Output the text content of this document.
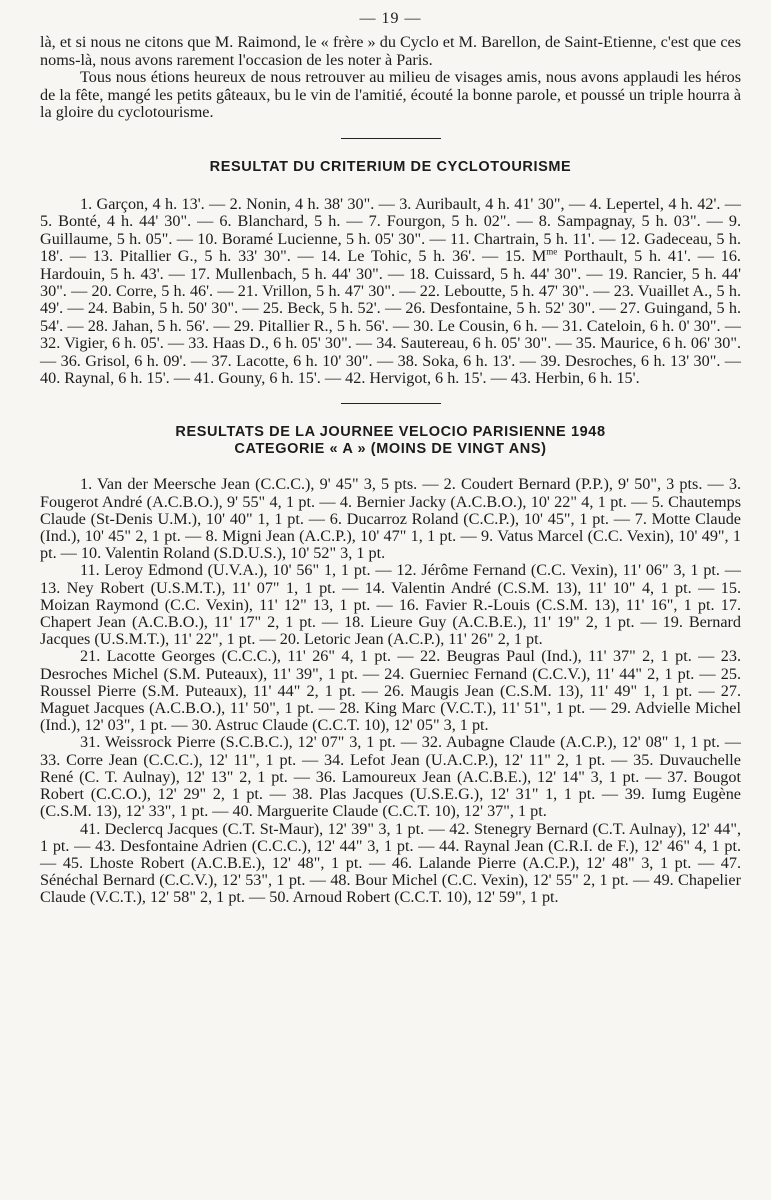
— 19 —

là, et si nous ne citons que M. Raimond, le « frère » du Cyclo et M. Barellon, de Saint-Etienne, c'est que ces noms-là, nous avons rarement l'occasion de les noter à Paris.

Tous nous étions heureux de nous retrouver au milieu de visages amis, nous avons applaudi les héros de la fête, mangé les petits gâteaux, bu le vin de l'amitié, écouté la bonne parole, et poussé un triple hourra à la gloire du cyclotourisme.

RESULTAT DU CRITERIUM DE CYCLOTOURISME

1. Garçon, 4 h. 13'. — 2. Nonin, 4 h. 38' 30". — 3. Auribault, 4 h. 41' 30", — 4. Lepertel, 4 h. 42'. — 5. Bonté, 4 h. 44' 30". — 6. Blanchard, 5 h. — 7. Fourgon, 5 h. 02". — 8. Sampagnay, 5 h. 03". — 9. Guillaume, 5 h. 05". — 10. Boramé Lucienne, 5 h. 05' 30". — 11. Chartrain, 5 h. 11'. — 12. Gadeceau, 5 h. 18'. — 13. Pitallier G., 5 h. 33' 30". — 14. Le Tohic, 5 h. 36'. — 15. $M^{me}$ Porthault, 5 h. 41'. — 16. Hardouin, 5 h. 43'. — 17. Mullenbach, 5 h. 44' 30". — 18. Cuissard, 5 h. 44' 30". — 19. Rancier, 5 h. 44' 30". — 20. Corre, 5 h. 46'. — 21. Vrillon, 5 h. 47' 30". — 22. Leboutte, 5 h. 47' 30". — 23. Vuaillet A., 5 h. 49'. — 24. Babin, 5 h. 50' 30". — 25. Beck, 5 h. 52'. — 26. Desfontaine, 5 h. 52' 30". — 27. Guingand, 5 h. 54'. — 28. Jahan, 5 h. 56'. — 29. Pitallier R., 5 h. 56'. — 30. Le Cousin, 6 h. — 31. Cateloin, 6 h. 0' 30". — 32. Vigier, 6 h. 05'. — 33. Haas D., 6 h. 05' 30". — 34. Sautereau, 6 h. 05' 30". — 35. Maurice, 6 h. 06' 30". — 36. Grisol, 6 h. 09'. — 37. Lacotte, 6 h. 10' 30". — 38. Soka, 6 h. 13'. — 39. Desroches, 6 h. 13' 30". — 40. Raynal, 6 h. 15'. — 41. Gouny, 6 h. 15'. — 42. Hervigot, 6 h. 15'. — 43. Herbin, 6 h. 15'.

RESULTATS DE LA JOURNEE VELOCIO PARISIENNE 1948
CATEGORIE « A » (MOINS DE VINGT ANS)

1. Van der Meersche Jean (C.C.C.), 9' 45" 3, 5 pts. — 2. Coudert Bernard (P.P.), 9' 50", 3 pts. — 3. Fougerot André (A.C.B.O.), 9' 55" 4, 1 pt. — 4. Bernier Jacky (A.C.B.O.), 10' 22" 4, 1 pt. — 5. Chautemps Claude (St-Denis U.M.), 10' 40" 1, 1 pt. — 6. Ducarroz Roland (C.C.P.), 10' 45", 1 pt. — 7. Motte Claude (Ind.), 10' 45" 2, 1 pt. — 8. Migni Jean (A.C.P.), 10' 47" 1, 1 pt. — 9. Vatus Marcel (C.C. Vexin), 10' 49", 1 pt. — 10. Valentin Roland (S.D.U.S.), 10' 52" 3, 1 pt.

11. Leroy Edmond (U.V.A.), 10' 56" 1, 1 pt. — 12. Jérôme Fernand (C.C. Vexin), 11' 06" 3, 1 pt. — 13. Ney Robert (U.S.M.T.), 11' 07" 1, 1 pt. — 14. Valentin André (C.S.M. 13), 11' 10" 4, 1 pt. — 15. Moizan Raymond (C.C. Vexin), 11' 12" 13, 1 pt. — 16. Favier R.-Louis (C.S.M. 13), 11' 16", 1 pt. 17. Chapert Jean (A.C.B.O.), 11' 17" 2, 1 pt. — 18. Lieure Guy (A.C.B.E.), 11' 19" 2, 1 pt. — 19. Bernard Jacques (U.S.M.T.), 11' 22", 1 pt. — 20. Letoric Jean (A.C.P.), 11' 26" 2, 1 pt.

21. Lacotte Georges (C.C.C.), 11' 26" 4, 1 pt. — 22. Beugras Paul (Ind.), 11' 37" 2, 1 pt. — 23. Desroches Michel (S.M. Puteaux), 11' 39", 1 pt. — 24. Guerniec Fernand (C.C.V.), 11' 44" 2, 1 pt. — 25. Roussel Pierre (S.M. Puteaux), 11' 44" 2, 1 pt. — 26. Maugis Jean (C.S.M. 13), 11' 49" 1, 1 pt. — 27. Maguet Jacques (A.C.B.O.), 11' 50", 1 pt. — 28. King Marc (V.C.T.), 11' 51", 1 pt. — 29. Advielle Michel (Ind.), 12' 03", 1 pt. — 30. Astruc Claude (C.C.T. 10), 12' 05" 3, 1 pt.

31. Weissrock Pierre (S.C.B.C.), 12' 07" 3, 1 pt. — 32. Aubagne Claude (A.C.P.), 12' 08" 1, 1 pt. — 33. Corre Jean (C.C.C.), 12' 11", 1 pt. — 34. Lefot Jean (U.A.C.P.), 12' 11" 2, 1 pt. — 35. Duvauchelle René (C. T. Aulnay), 12' 13" 2, 1 pt. — 36. Lamoureux Jean (A.C.B.E.), 12' 14" 3, 1 pt. — 37. Bougot Robert (C.C.O.), 12' 29" 2, 1 pt. — 38. Plas Jacques (U.S.E.G.), 12' 31" 1, 1 pt. — 39. Iumg Eugène (C.S.M. 13), 12' 33", 1 pt. — 40. Marguerite Claude (C.C.T. 10), 12' 37", 1 pt.

41. Declercq Jacques (C.T. St-Maur), 12' 39" 3, 1 pt. — 42. Stenegry Bernard (C.T. Aulnay), 12' 44", 1 pt. — 43. Desfontaine Adrien (C.C.C.), 12' 44" 3, 1 pt. — 44. Raynal Jean (C.R.I. de F.), 12' 46" 4, 1 pt. — 45. Lhoste Robert (A.C.B.E.), 12' 48", 1 pt. — 46. Lalande Pierre (A.C.P.), 12' 48" 3, 1 pt. — 47. Sénéchal Bernard (C.C.V.), 12' 53", 1 pt. — 48. Bour Michel (C.C. Vexin), 12' 55" 2, 1 pt. — 49. Chapelier Claude (V.C.T.), 12' 58" 2, 1 pt. — 50. Arnoud Robert (C.C.T. 10), 12' 59", 1 pt.
